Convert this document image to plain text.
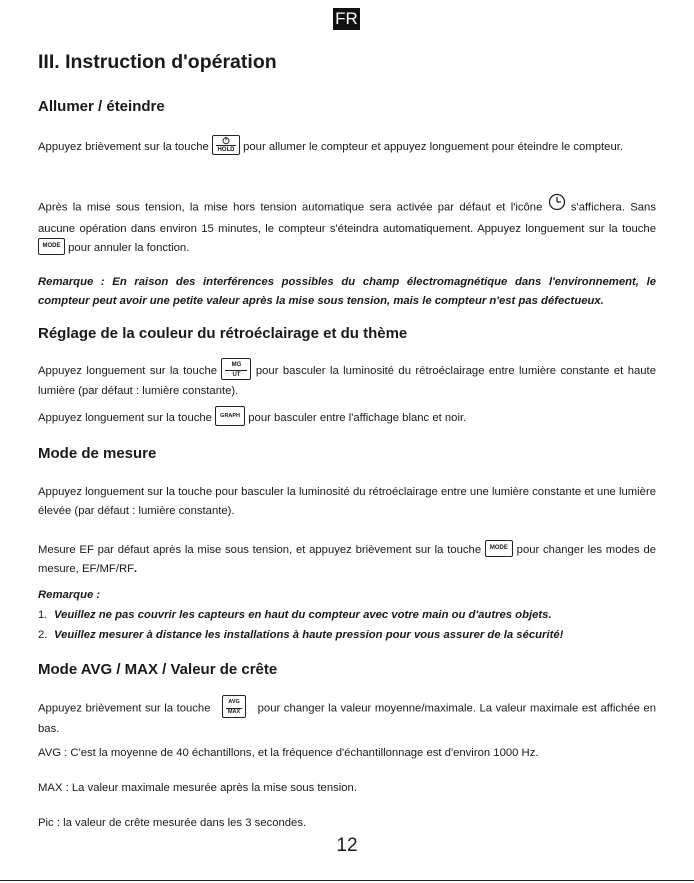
FR
III. Instruction d'opération
Allumer / éteindre

Appuyez brièvement sur la touche HOLD pour allumer le compteur et appuyez longuement pour éteindre le compteur.

Après la mise sous tension, la mise hors tension automatique sera activée par défaut et l'icône	s'affichera. Sans aucune opération dans environ 15 minutes, le compteur s'éteindra automatiquement. Appuyez longuement sur la touche MODE pour annuler la fonction.

Remarque : En raison des interférences possibles du champ électromagnétique dans l'environnement, le compteur peut avoir une petite valeur après la mise sous tension, mais le compteur n'est pas défectueux.

Réglage de la couleur du rétroéclairage et du thème

Appuyez longuement sur la touche $\frac{MG}{UT}$ pour basculer la luminosité du rétroéclairage entre lumière constante et haute lumière (par défaut : lumière constante).

Appuyez longuement sur la touche GRAPH pour basculer entre l'affichage blanc et noir.

Mode de mesure

Appuyez longuement sur la touche pour basculer la luminosité du rétroéclairage entre une lumière constante et une lumière élevée (par défaut : lumière constante).

Mesure EF par défaut après la mise sous tension, et appuyez brièvement sur la touche MODE pour changer les modes de mesure, EF/MF/RF.

Remarque :

1. Veuillez ne pas couvrir les capteurs en haut du compteur avec votre main ou d'autres objets.

2. Veuillez mesurer à distance les installations à haute pression pour vous assurer de la sécurité!

Mode AVG / MAX / Valeur de crête

Appuyez brièvement sur la touche
AVG
MAX pour changer la valeur moyenne/maximale. La valeur maximale est affichée en bas.

AVG : C'est la moyenne de 40 échantillons, et la fréquence d'échantillonnage est d'environ 1000 Hz.

MAX : La valeur maximale mesurée après la mise sous tension.

Pic : la valeur de crête mesurée dans les 3 secondes.

12
